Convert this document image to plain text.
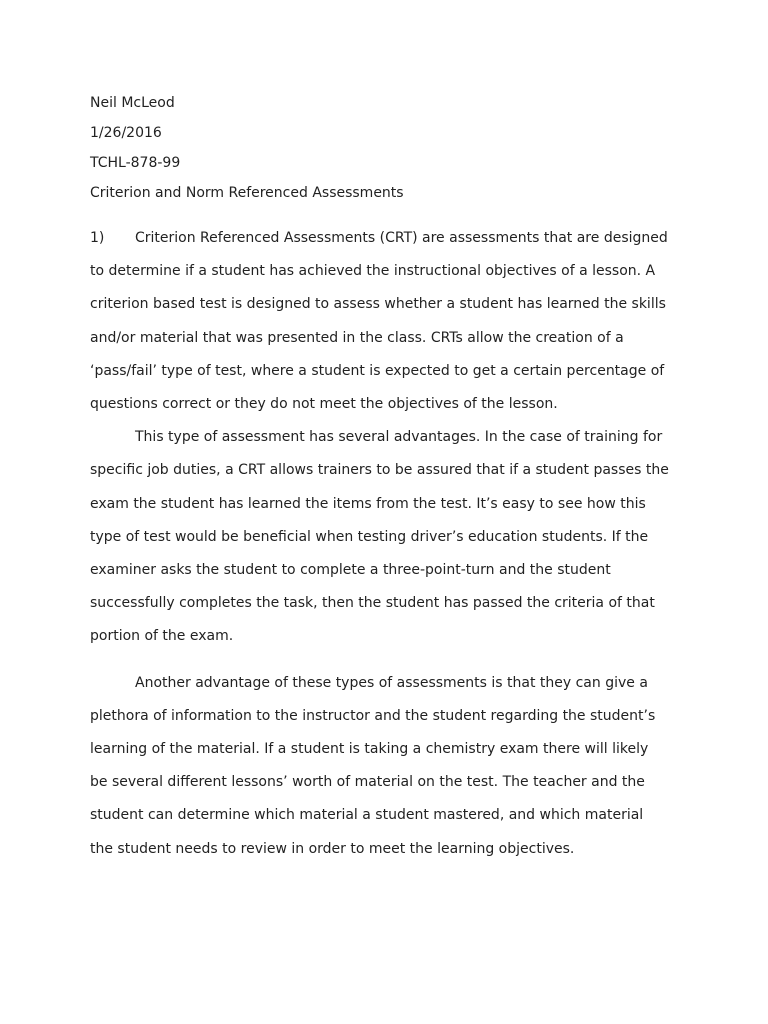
Neil McLeod
1/26/2016
TCHL-878-99
Criterion and Norm Referenced Assessments

1) Criterion Referenced Assessments (CRT) are assessments that are designed to determine if a student has achieved the instructional objectives of a lesson. A criterion based test is designed to assess whether a student has learned the skills and/or material that was presented in the class. CRTs allow the creation of a ‘pass/fail’ type of test, where a student is expected to get a certain percentage of questions correct or they do not meet the objectives of the lesson.

This type of assessment has several advantages. In the case of training for specific job duties, a CRT allows trainers to be assured that if a student passes the exam the student has learned the items from the test. It’s easy to see how this type of test would be beneficial when testing driver’s education students. If the examiner asks the student to complete a three-point-turn and the student successfully completes the task, then the student has passed the criteria of that portion of the exam.

Another advantage of these types of assessments is that they can give a plethora of information to the instructor and the student regarding the student’s learning of the material. If a student is taking a chemistry exam there will likely be several different lessons’ worth of material on the test. The teacher and the student can determine which material a student mastered, and which material the student needs to review in order to meet the learning objectives.
